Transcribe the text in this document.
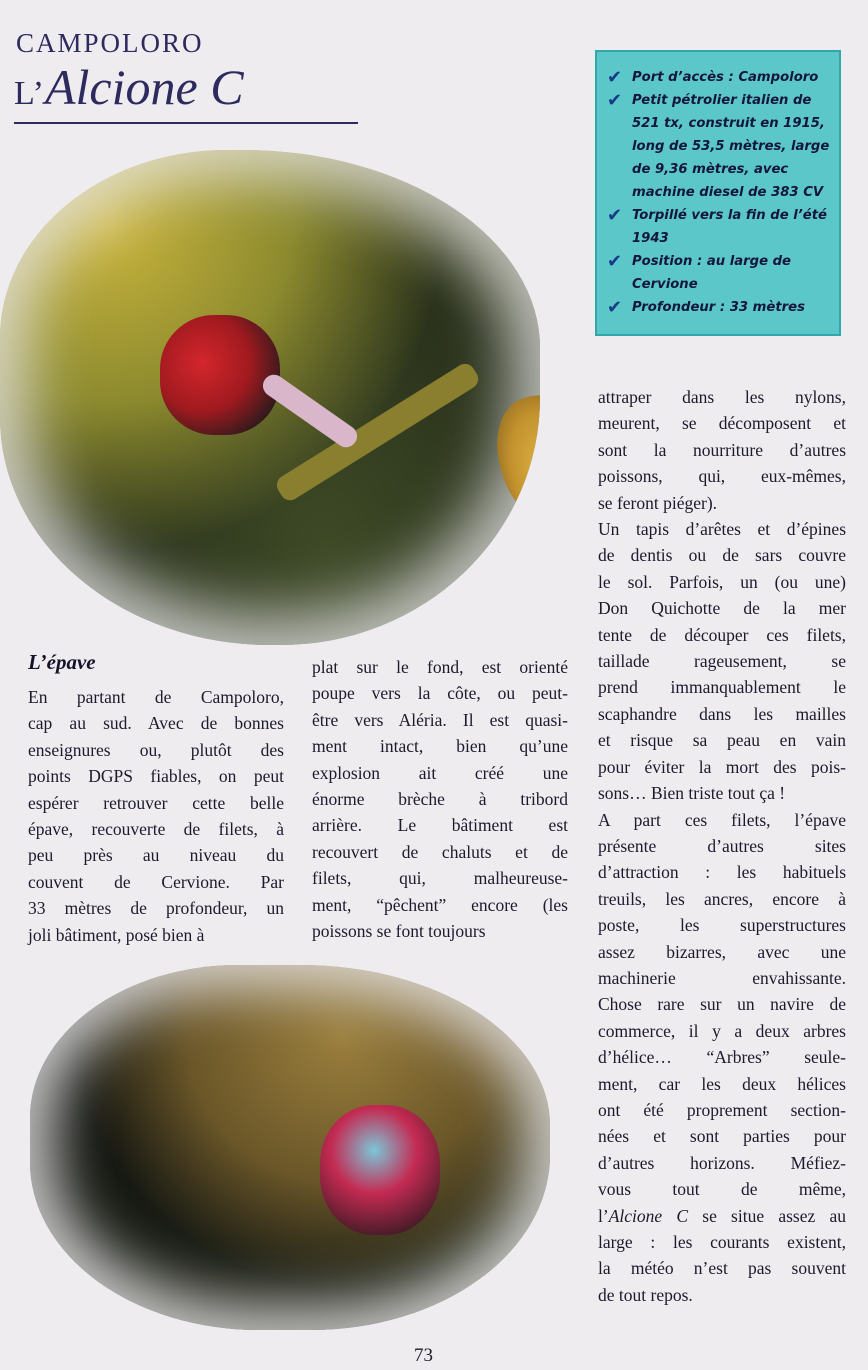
CAMPOLORO
L’Alcione C	✔ Port d’accès : Campoloro
✔ Petit pétrolier italien de 521 tx, construit en 1915, long de 53,5 mètres, large de 9,36 mètres, avec machine diesel de 383 CV
✔ Torpillé vers la fin de l’été 1943
✔ Position : au large de Cervione
✔ Profondeur : 33 mètres
L’épave
En partant de Campoloro,
cap au sud. Avec de bonnes
enseignures ou, plutôt des
points DGPS fiables, on peut
espérer retrouver cette belle
épave, recouverte de filets, à
peu près au niveau du
couvent de Cervione. Par
33 mètres de profondeur, un
joli bâtiment, posé bien à
plat sur le fond, est orienté
poupe vers la côte, ou peut-
être vers Aléria. Il est quasi-
ment intact, bien qu’une
explosion ait créé une
énorme brèche à tribord
arrière. Le bâtiment est
recouvert de chaluts et de
filets, qui, malheureuse-
ment, “pêchent” encore (les
poissons se font toujours
attraper dans les nylons,
meurent, se décomposent et
sont la nourriture d’autres
poissons, qui, eux-mêmes,
se feront piéger).
Un tapis d’arêtes et d’épines
de dentis ou de sars couvre
le sol. Parfois, un (ou une)
Don Quichotte de la mer
tente de découper ces filets,
taillade rageusement, se
prend immanquablement le
scaphandre dans les mailles
et risque sa peau en vain
pour éviter la mort des pois-
sons… Bien triste tout ça !
A part ces filets, l’épave
présente d’autres sites
d’attraction : les habituels
treuils, les ancres, encore à
poste, les superstructures
assez bizarres, avec une
machinerie envahissante.
Chose rare sur un navire de
commerce, il y a deux arbres
d’hélice… “Arbres” seule-
ment, car les deux hélices
ont été proprement section-
nées et sont parties pour
d’autres horizons. Méfiez-
vous tout de même,
l’Alcione C se situe assez au
large : les courants existent,
la météo n’est pas souvent
de tout repos.
73
